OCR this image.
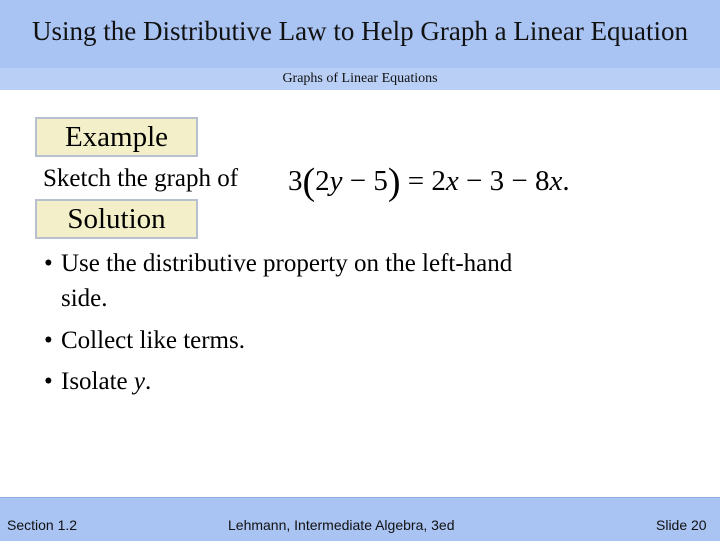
Using the Distributive Law to Help Graph a Linear Equation
Graphs of Linear Equations
Example
Sketch the graph of 3(2y − 5) = 2x − 3 − 8x.
Solution
• Use the distributive property on the left-hand
side.
• Collect like terms.
• Isolate y.
Section 1.2	Lehmann, Intermediate Algebra, 3ed	Slide 20
